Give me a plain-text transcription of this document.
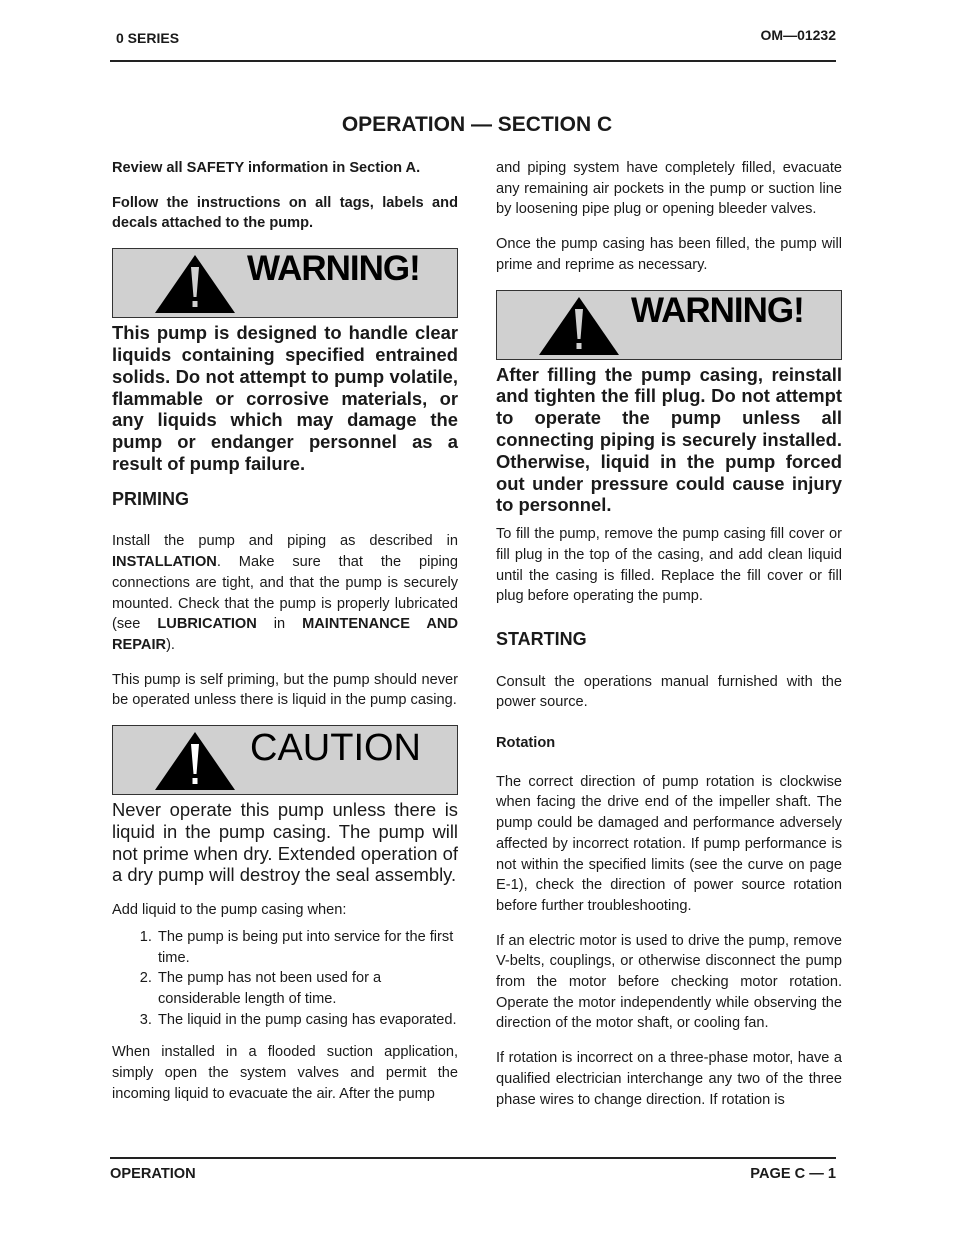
0 SERIES	OM—01232
OPERATION — SECTION C

Review all SAFETY information in Section A.

Follow the instructions on all tags, labels and decals attached to the pump.

WARNING!

This pump is designed to handle clear liquids containing specified entrained solids. Do not attempt to pump volatile, flammable or corrosive materials, or any liquids which may damage the pump or endanger personnel as a result of pump failure.

PRIMING

Install the pump and piping as described in INSTALLATION. Make sure that the piping connections are tight, and that the pump is securely mounted. Check that the pump is properly lubricated (see LUBRICATION in MAINTENANCE AND REPAIR).

This pump is self priming, but the pump should never be operated unless there is liquid in the pump casing.

CAUTION

Never operate this pump unless there is liquid in the pump casing. The pump will not prime when dry. Extended operation of a dry pump will destroy the seal assembly.

Add liquid to the pump casing when:

1. The pump is being put into service for the first time.
2. The pump has not been used for a considerable length of time.
3. The liquid in the pump casing has evaporated.

When installed in a flooded suction application, simply open the system valves and permit the incoming liquid to evacuate the air. After the pump

and piping system have completely filled, evacuate any remaining air pockets in the pump or suction line by loosening pipe plug or opening bleeder valves.

Once the pump casing has been filled, the pump will prime and reprime as necessary.

WARNING!

After filling the pump casing, reinstall and tighten the fill plug. Do not attempt to operate the pump unless all connecting piping is securely installed. Otherwise, liquid in the pump forced out under pressure could cause injury to personnel.

To fill the pump, remove the pump casing fill cover or fill plug in the top of the casing, and add clean liquid until the casing is filled. Replace the fill cover or fill plug before operating the pump.

STARTING

Consult the operations manual furnished with the power source.

Rotation

The correct direction of pump rotation is clockwise when facing the drive end of the impeller shaft. The pump could be damaged and performance adversely affected by incorrect rotation. If pump performance is not within the specified limits (see the curve on page E-1), check the direction of power source rotation before further troubleshooting.

If an electric motor is used to drive the pump, remove V-belts, couplings, or otherwise disconnect the pump from the motor before checking motor rotation. Operate the motor independently while observing the direction of the motor shaft, or cooling fan.

If rotation is incorrect on a three-phase motor, have a qualified electrician interchange any two of the three phase wires to change direction. If rotation is

OPERATION	PAGE C — 1
